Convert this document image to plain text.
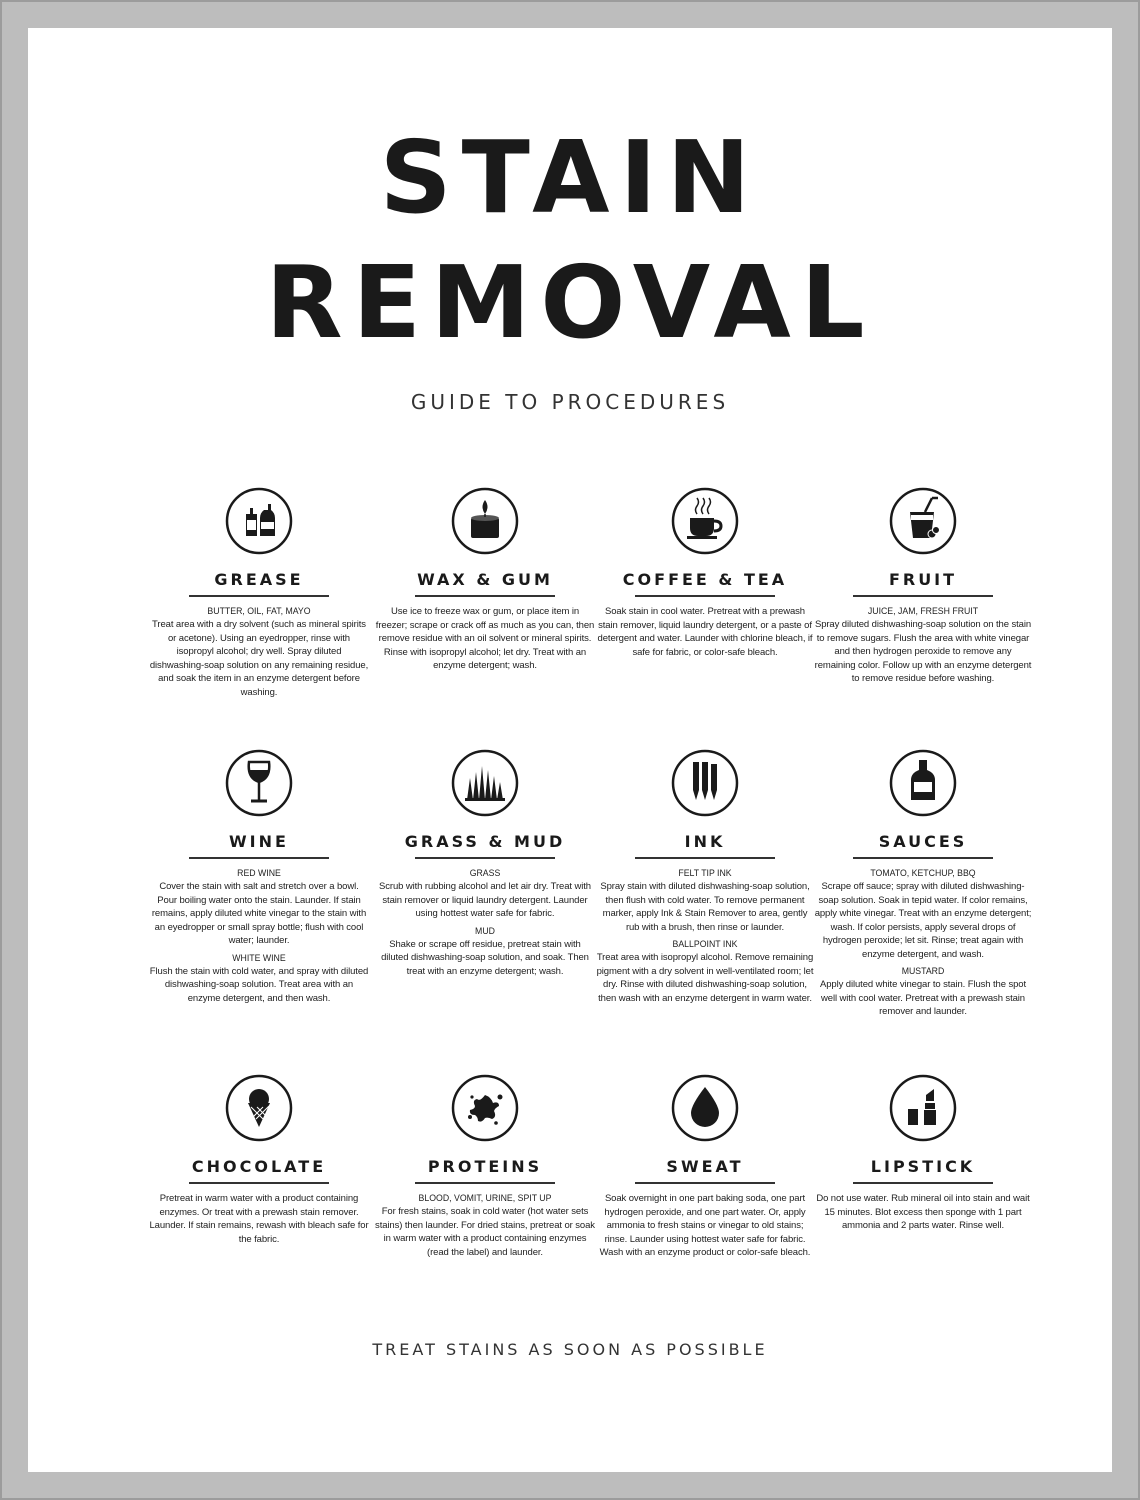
STAIN
REMOVAL
GUIDE TO PROCEDURES
GREASE
BUTTER, OIL, FAT, MAYO
Treat area with a dry solvent (such as mineral spirits or acetone). Using an eyedropper, rinse with isopropyl alcohol; dry well. Spray diluted dishwashing-soap solution on any remaining residue, and soak the item in an enzyme detergent before washing.
WAX & GUM
Use ice to freeze wax or gum, or place item in freezer; scrape or crack off as much as you can, then remove residue with an oil solvent or mineral spirits. Rinse with isopropyl alcohol; let dry. Treat with an enzyme detergent; wash.
COFFEE & TEA
Soak stain in cool water. Pretreat with a prewash stain remover, liquid laundry detergent, or a paste of detergent and water. Launder with chlorine bleach, if safe for fabric, or color-safe bleach.
FRUIT
JUICE, JAM, FRESH FRUIT
Spray diluted dishwashing-soap solution on the stain to remove sugars. Flush the area with white vinegar and then hydrogen peroxide to remove any remaining color. Follow up with an enzyme detergent to remove residue before washing.
WINE
RED WINE
Cover the stain with salt and stretch over a bowl. Pour boiling water onto the stain. Launder. If stain remains, apply diluted white vinegar to the stain with an eyedropper or small spray bottle; flush with cool water; launder.
WHITE WINE
Flush the stain with cold water, and spray with diluted dishwashing-soap solution. Treat area with an enzyme detergent, and then wash.
GRASS & MUD
GRASS
Scrub with rubbing alcohol and let air dry. Treat with stain remover or liquid laundry detergent. Launder using hottest water safe for fabric.
MUD
Shake or scrape off residue, pretreat stain with diluted dishwashing-soap solution, and soak. Then treat with an enzyme detergent; wash.
INK
FELT TIP INK
Spray stain with diluted dishwashing-soap solution, then flush with cold water. To remove permanent marker, apply Ink & Stain Remover to area, gently rub with a brush, then rinse or launder.
BALLPOINT INK
Treat area with isopropyl alcohol. Remove remaining pigment with a dry solvent in well-ventilated room; let dry. Rinse with diluted dishwashing-soap solution, then wash with an enzyme detergent in warm water.
SAUCES
TOMATO, KETCHUP, BBQ
Scrape off sauce; spray with diluted dishwashing-soap solution. Soak in tepid water. If color remains, apply white vinegar. Treat with an enzyme detergent; wash. If color persists, apply several drops of hydrogen peroxide; let sit. Rinse; treat again with enzyme detergent, and wash.
MUSTARD
Apply diluted white vinegar to stain. Flush the spot well with cool water. Pretreat with a prewash stain remover and launder.
CHOCOLATE
Pretreat in warm water with a product containing enzymes. Or treat with a prewash stain remover. Launder. If stain remains, rewash with bleach safe for the fabric.
PROTEINS
BLOOD, VOMIT, URINE, SPIT UP
For fresh stains, soak in cold water (hot water sets stains) then launder. For dried stains, pretreat or soak in warm water with a product containing enzymes (read the label) and launder.
SWEAT
Soak overnight in one part baking soda, one part hydrogen peroxide, and one part water. Or, apply ammonia to fresh stains or vinegar to old stains; rinse. Launder using hottest water safe for fabric. Wash with an enzyme product or color-safe bleach.
LIPSTICK
Do not use water. Rub mineral oil into stain and wait 15 minutes. Blot excess then sponge with 1 part ammonia and 2 parts water. Rinse well.
TREAT STAINS AS SOON AS POSSIBLE
